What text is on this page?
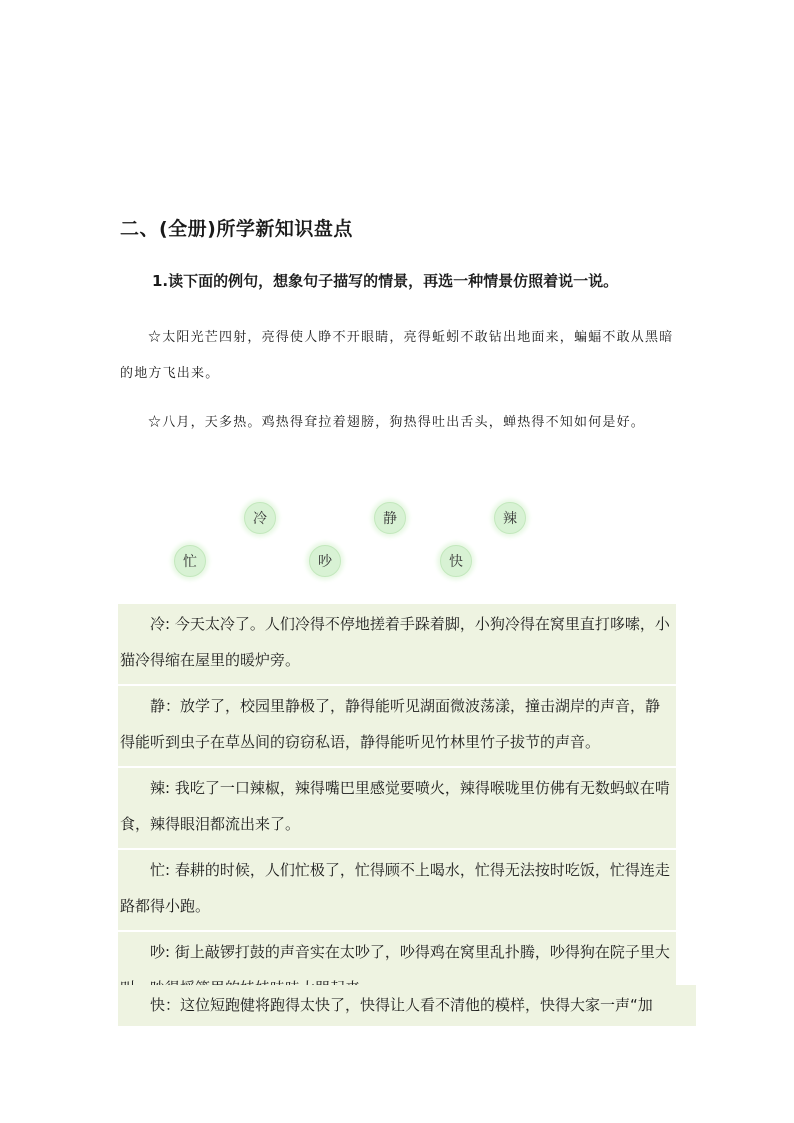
二、(全册)所学新知识盘点
1.读下面的例句，想象句子描写的情景，再选一种情景仿照着说一说。

☆太阳光芒四射，亮得使人睁不开眼睛，亮得蚯蚓不敢钻出地面来，蝙蝠不敢从黑暗的地方飞出来。

☆八月，天多热。鸡热得耷拉着翅膀，狗热得吐出舌头，蝉热得不知如何是好。

冷	静	辣
忙	吵	快

冷: 今天太冷了。人们冷得不停地搓着手跺着脚，小狗冷得在窝里直打哆嗦，小猫冷得缩在屋里的暖炉旁。

静：放学了，校园里静极了，静得能听见湖面微波荡漾，撞击湖岸的声音，静得能听到虫子在草丛间的窃窃私语，静得能听见竹林里竹子拔节的声音。

辣: 我吃了一口辣椒，辣得嘴巴里感觉要喷火，辣得喉咙里仿佛有无数蚂蚁在啃食，辣得眼泪都流出来了。

忙: 春耕的时候，人们忙极了，忙得顾不上喝水，忙得无法按时吃饭，忙得连走路都得小跑。

吵: 街上敲锣打鼓的声音实在太吵了，吵得鸡在窝里乱扑腾，吵得狗在院子里大

快：这位短跑健将跑得太快了，快得让人看不清他的模样，快得大家一声“加
